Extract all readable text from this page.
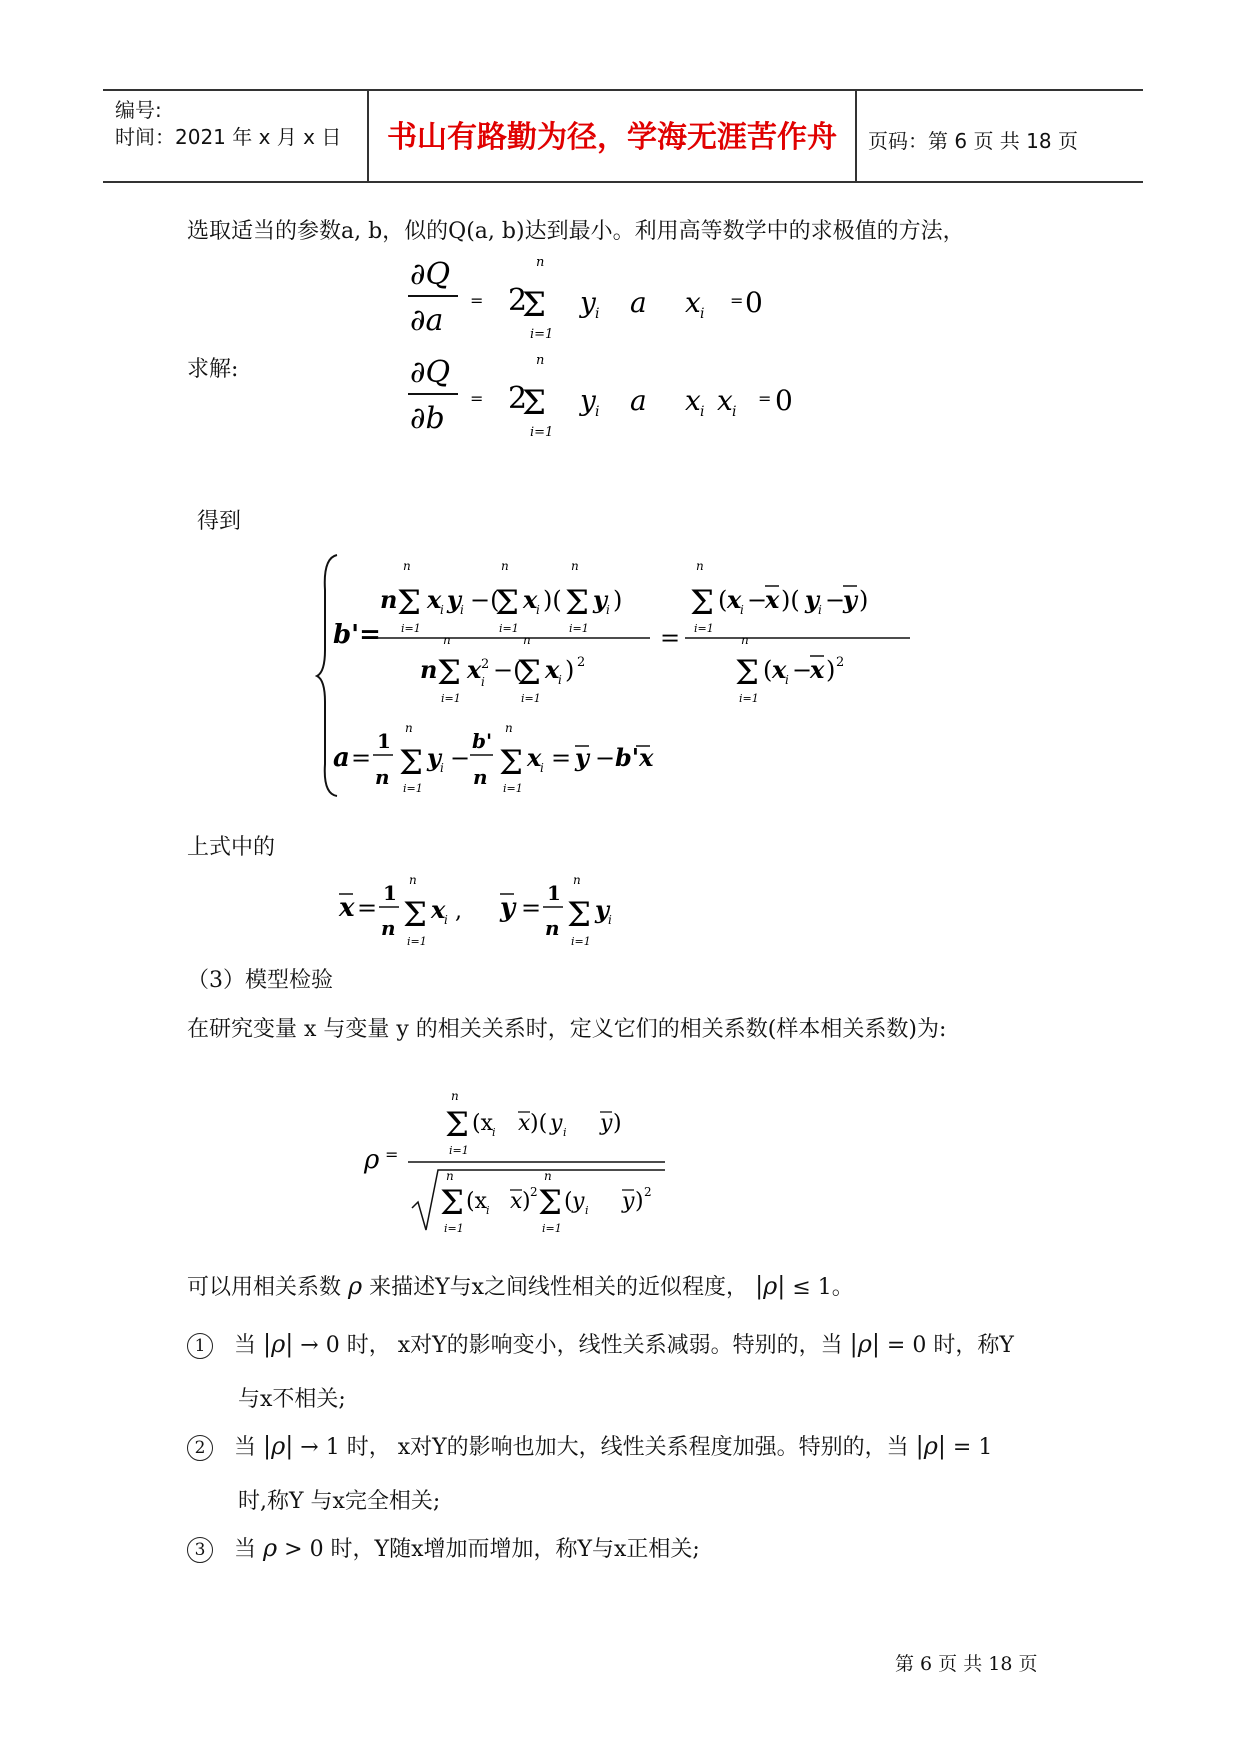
编号:
时间：2021 年 x 月 x 日	书山有路勤为径，学海无涯苦作舟	页码：第 6 页 共 18 页
选取适当的参数a, b，似的Q(a, b)达到最小。利用高等数学中的求极值的方法，
∂Q
∂a
= 2
Σ
n
i=1
y i a x i
= 0
求解:	∂Q
∂b
= 2
Σ
n
i=1
y i a x i x i
= 0
得到
b'=
n Σ
n
i=1
x
i y i −(
Σ
n
i=1
x
i )( Σ
n
i=1
y i )
n Σ
n
i=1
x 2
i −(
Σ
n
i=1
x
i ) 2
=
Σ
n
i=1
( x
i −
x )( y i −
y )
Σ
n
i=1
( x
i −
x ) 2
a =
1
n Σ
n
i=1
y i −
b'
n Σ
n
i=1
x
i = y − b'x
上式中的
x =
1
n Σ
n
i=1
x
i , y =
1
n Σ
n
i=1
y i
（3）模型检验
在研究变量 x 与变量 y 的相关关系时，定义它们的相关系数(样本相关系数)为:
ρ =
Σ
n
i=1
(x i x )( y i y )
Σ
n
i=1
(x i x ) 2 Σ
n
i=1
( y i y ) 2
可以用相关系数 ρ 来描述Y与x之间线性相关的近似程度， |ρ| ≤ 1。
1 当 |ρ| → 0 时， x对Y的影响变小，线性关系减弱。特别的，当 |ρ| = 0 时，称Y
与x不相关;
2 当 |ρ| → 1 时， x对Y的影响也加大，线性关系程度加强。特别的，当 |ρ| = 1
时,称Y 与x完全相关;
3 当 ρ > 0 时，Y随x增加而增加，称Y与x正相关;
第 6 页 共 18 页
